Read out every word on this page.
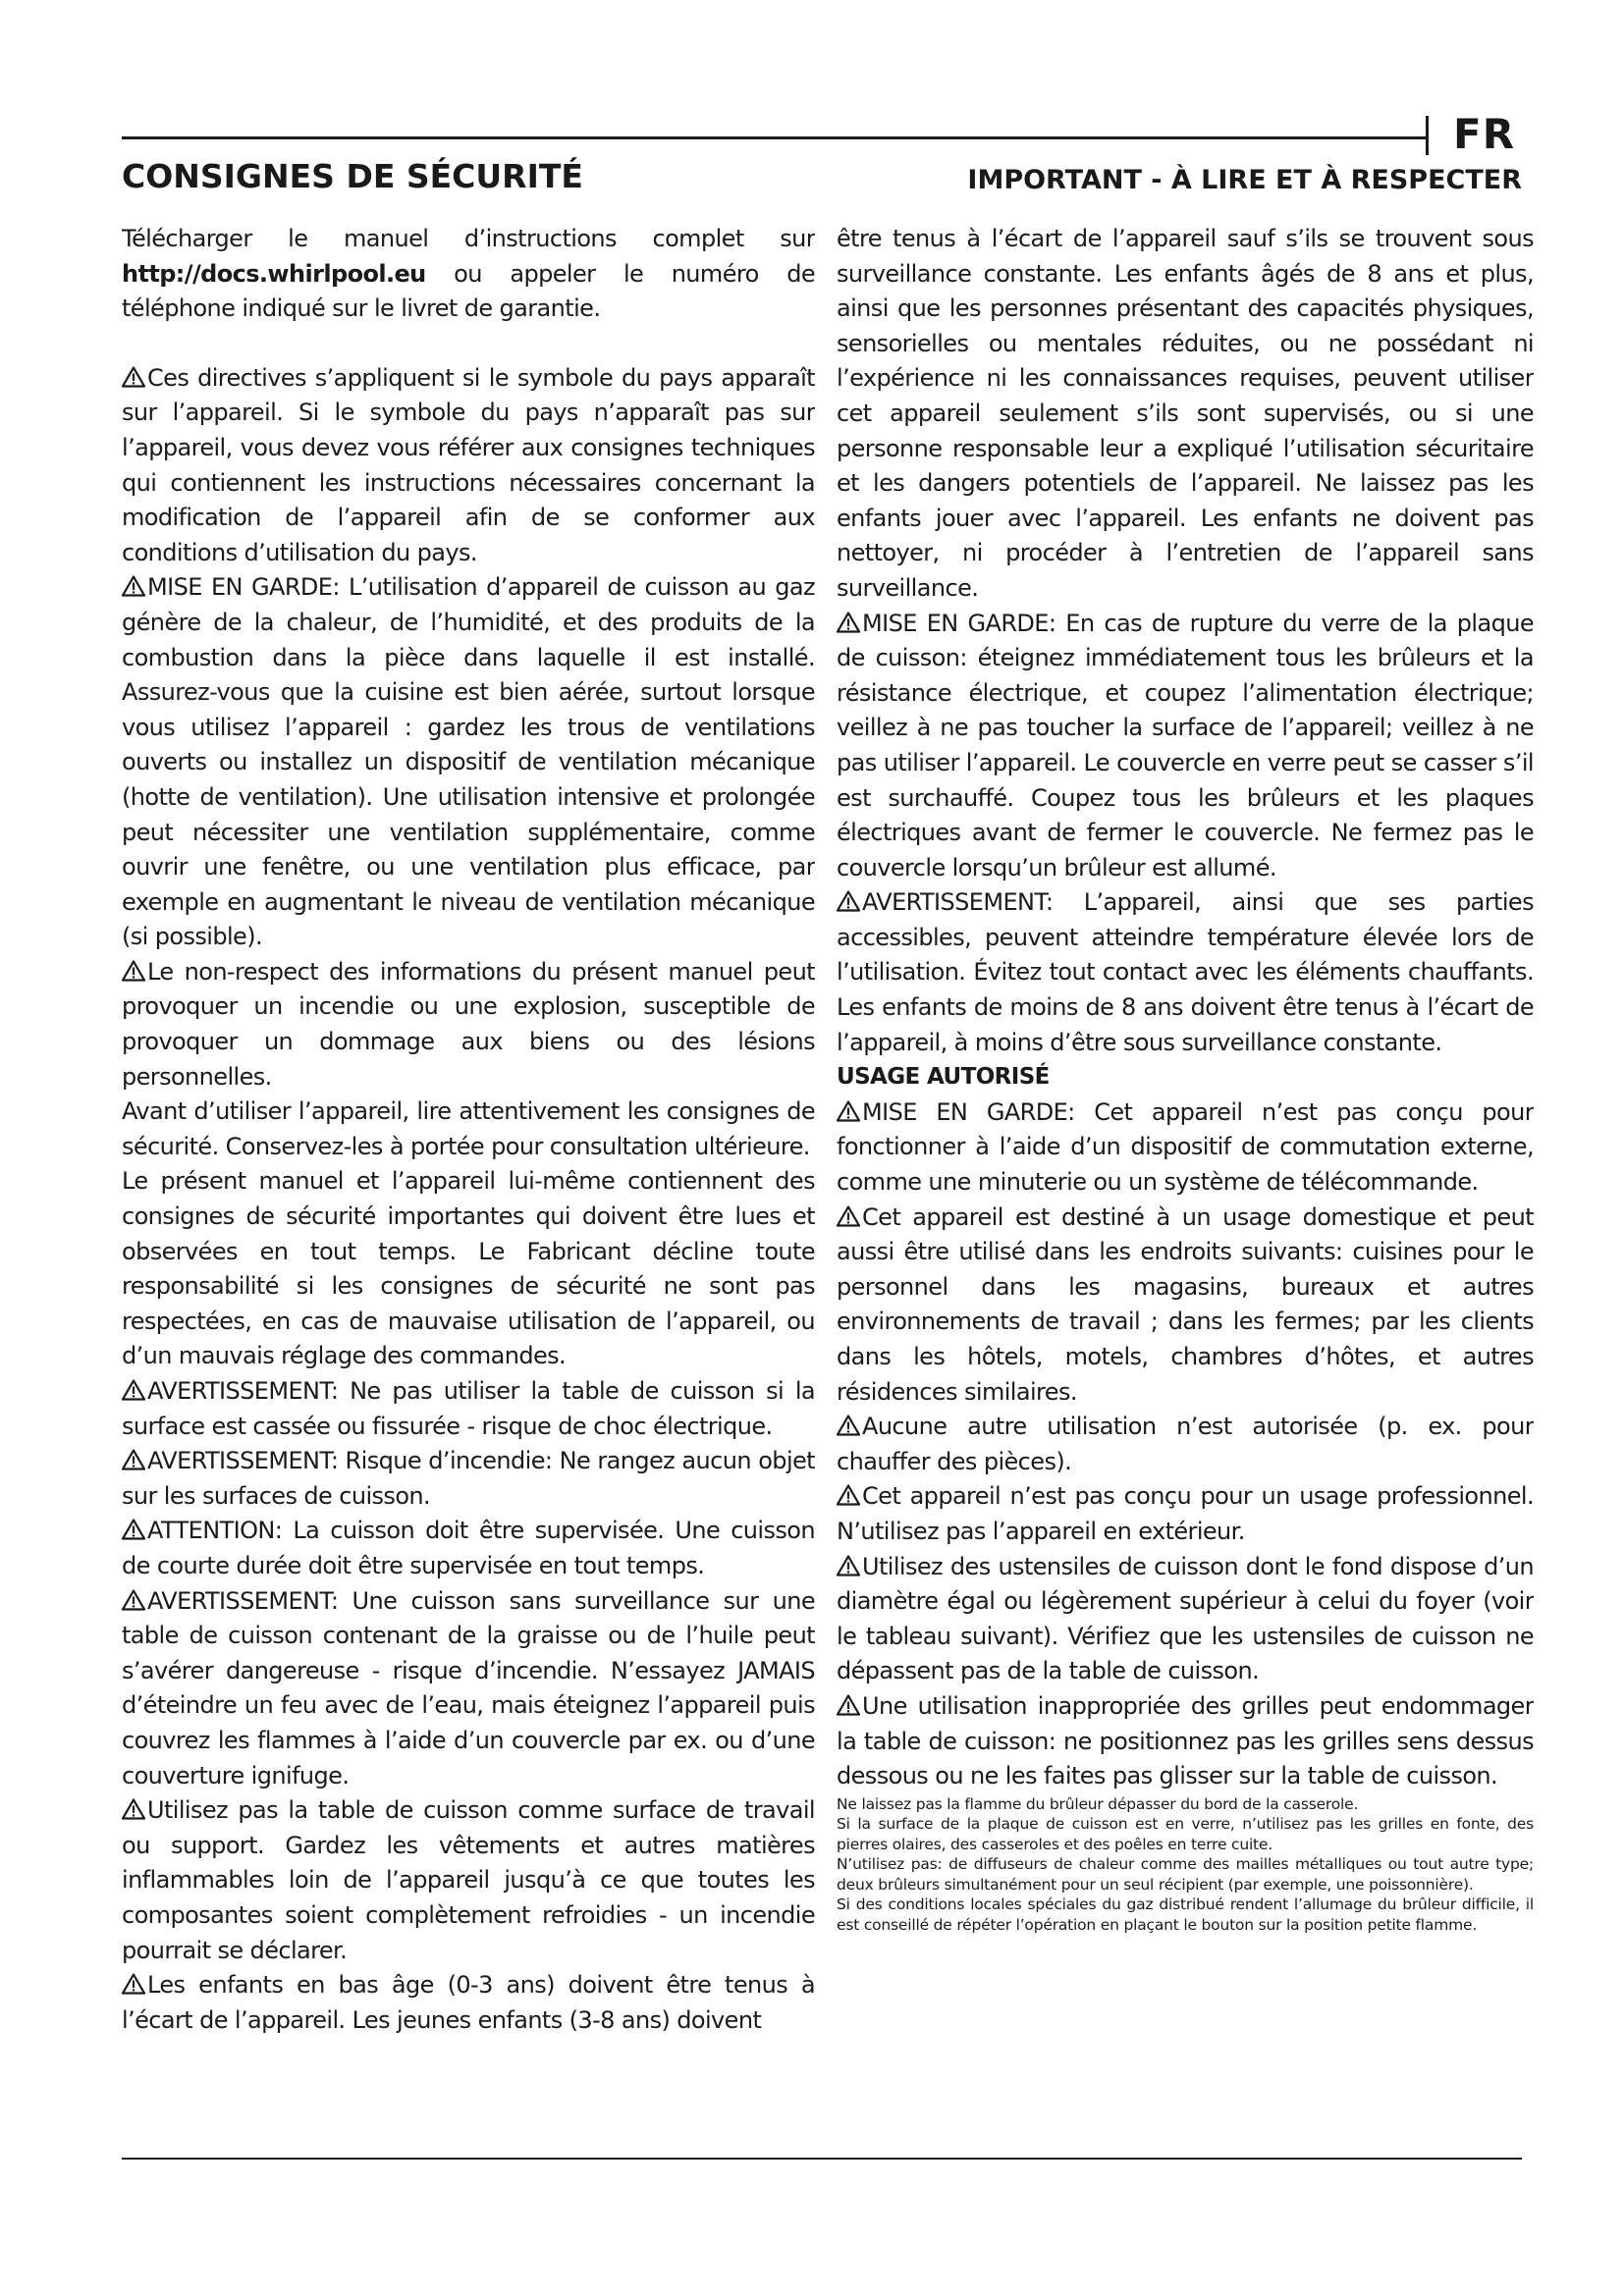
FR
CONSIGNES DE SÉCURITÉ	IMPORTANT - À LIRE ET À RESPECTER

Télécharger le manuel d’instructions complet sur http://docs.whirlpool.eu ou appeler le numéro de téléphone indiqué sur le livret de garantie.

Ces directives s’appliquent si le symbole du pays apparaît sur l’appareil. Si le symbole du pays n’apparaît pas sur l’appareil, vous devez vous référer aux consignes techniques qui contiennent les instructions nécessaires concernant la modification de l’appareil afin de se conformer aux conditions d’utilisation du pays.

MISE EN GARDE: L’utilisation d’appareil de cuisson au gaz génère de la chaleur, de l’humidité, et des produits de la combustion dans la pièce dans laquelle il est installé. Assurez-vous que la cuisine est bien aérée, surtout lorsque vous utilisez l’appareil : gardez les trous de ventilations ouverts ou installez un dispositif de ventilation mécanique (hotte de ventilation). Une utilisation intensive et prolongée peut nécessiter une ventilation supplémentaire, comme ouvrir une fenêtre, ou une ventilation plus efficace, par exemple en augmentant le niveau de ventilation mécanique (si possible).

Le non-respect des informations du présent manuel peut provoquer un incendie ou une explosion, susceptible de provoquer un dommage aux biens ou des lésions personnelles.

Avant d’utiliser l’appareil, lire attentivement les consignes de sécurité. Conservez-les à portée pour consultation ultérieure.

Le présent manuel et l’appareil lui-même contiennent des consignes de sécurité importantes qui doivent être lues et observées en tout temps. Le Fabricant décline toute responsabilité si les consignes de sécurité ne sont pas respectées, en cas de mauvaise utilisation de l’appareil, ou d’un mauvais réglage des commandes.

AVERTISSEMENT: Ne pas utiliser la table de cuisson si la surface est cassée ou fissurée - risque de choc électrique.

AVERTISSEMENT: Risque d’incendie: Ne rangez aucun objet sur les surfaces de cuisson.

ATTENTION: La cuisson doit être supervisée. Une cuisson de courte durée doit être supervisée en tout temps.

AVERTISSEMENT: Une cuisson sans surveillance sur une table de cuisson contenant de la graisse ou de l’huile peut s’avérer dangereuse - risque d’incendie. N’essayez JAMAIS d’éteindre un feu avec de l’eau, mais éteignez l’appareil puis couvrez les flammes à l’aide d’un couvercle par ex. ou d’une couverture ignifuge.

Utilisez pas la table de cuisson comme surface de travail ou support. Gardez les vêtements et autres matières inflammables loin de l’appareil jusqu’à ce que toutes les composantes soient complètement refroidies - un incendie pourrait se déclarer.

Les enfants en bas âge (0-3 ans) doivent être tenus à l’écart de l’appareil. Les jeunes enfants (3-8 ans) doivent

être tenus à l’écart de l’appareil sauf s’ils se trouvent sous surveillance constante. Les enfants âgés de 8 ans et plus, ainsi que les personnes présentant des capacités physiques, sensorielles ou mentales réduites, ou ne possédant ni l’expérience ni les connaissances requises, peuvent utiliser cet appareil seulement s’ils sont supervisés, ou si une personne responsable leur a expliqué l’utilisation sécuritaire et les dangers potentiels de l’appareil. Ne laissez pas les enfants jouer avec l’appareil. Les enfants ne doivent pas nettoyer, ni procéder à l’entretien de l’appareil sans surveillance.

MISE EN GARDE: En cas de rupture du verre de la plaque de cuisson: éteignez immédiatement tous les brûleurs et la résistance électrique, et coupez l’alimentation électrique; veillez à ne pas toucher la surface de l’appareil; veillez à ne pas utiliser l’appareil. Le couvercle en verre peut se casser s’il est surchauffé. Coupez tous les brûleurs et les plaques électriques avant de fermer le couvercle. Ne fermez pas le couvercle lorsqu’un brûleur est allumé.

AVERTISSEMENT: L’appareil, ainsi que ses parties accessibles, peuvent atteindre température élevée lors de l’utilisation. Évitez tout contact avec les éléments chauffants. Les enfants de moins de 8 ans doivent être tenus à l’écart de l’appareil, à moins d’être sous surveillance constante.

USAGE AUTORISÉ

MISE EN GARDE: Cet appareil n’est pas conçu pour fonctionner à l’aide d’un dispositif de commutation externe, comme une minuterie ou un système de télécommande.

Cet appareil est destiné à un usage domestique et peut aussi être utilisé dans les endroits suivants: cuisines pour le personnel dans les magasins, bureaux et autres environnements de travail ; dans les fermes; par les clients dans les hôtels, motels, chambres d’hôtes, et autres résidences similaires.

Aucune autre utilisation n’est autorisée (p. ex. pour chauffer des pièces).

Cet appareil n’est pas conçu pour un usage professionnel. N’utilisez pas l’appareil en extérieur.

Utilisez des ustensiles de cuisson dont le fond dispose d’un diamètre égal ou légèrement supérieur à celui du foyer (voir le tableau suivant). Vérifiez que les ustensiles de cuisson ne dépassent pas de la table de cuisson.

Une utilisation inappropriée des grilles peut endommager la table de cuisson: ne positionnez pas les grilles sens dessus dessous ou ne les faites pas glisser sur la table de cuisson.

Ne laissez pas la flamme du brûleur dépasser du bord de la casserole.

Si la surface de la plaque de cuisson est en verre, n’utilisez pas les grilles en fonte, des pierres olaires, des casseroles et des poêles en terre cuite.

N’utilisez pas: de diffuseurs de chaleur comme des mailles métalliques ou tout autre type; deux brûleurs simultanément pour un seul récipient (par exemple, une poissonnière).

Si des conditions locales spéciales du gaz distribué rendent l’allumage du brûleur difficile, il est conseillé de répéter l’opération en plaçant le bouton sur la position petite flamme.
